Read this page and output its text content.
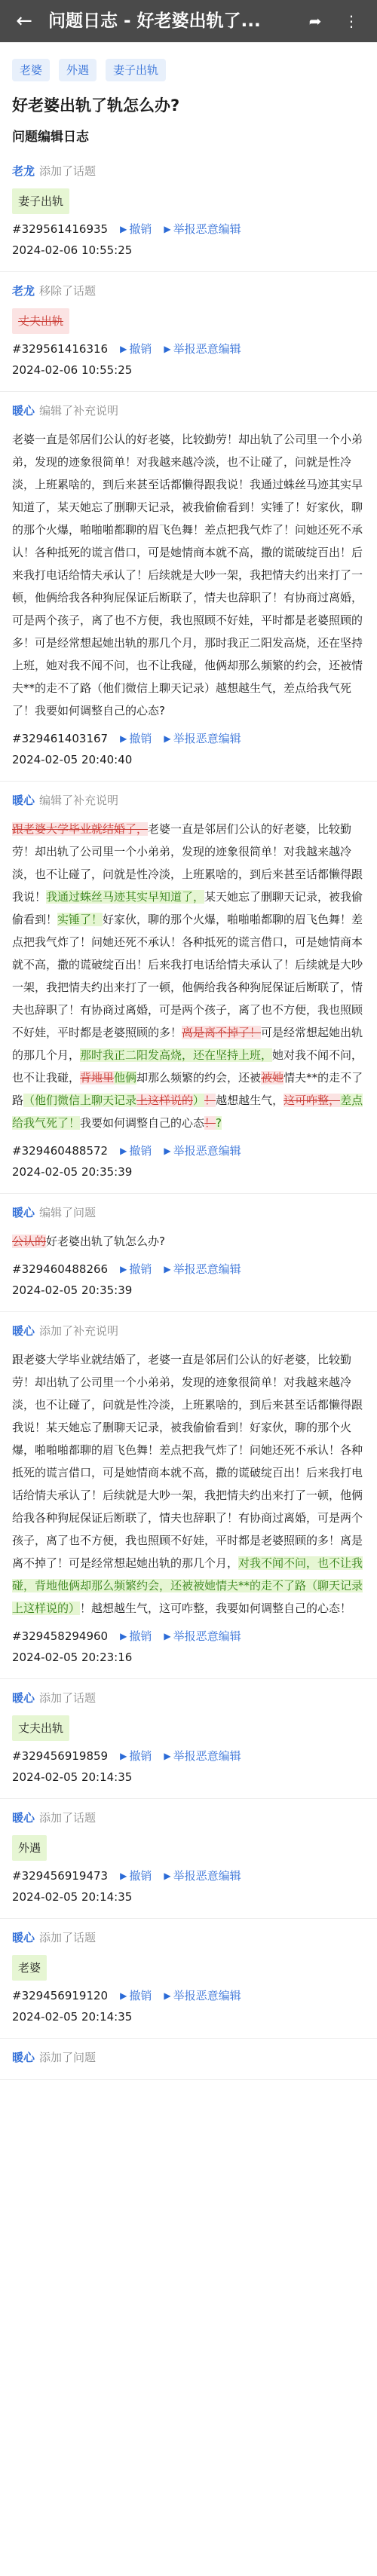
← 问题日志 - 好老婆出轨了...	➦	⋮
老婆	外遇	妻子出轨
好老婆出轨了轨怎么办?
问题编辑日志
老龙 添加了话题
妻子出轨
#329561416935 ▶ 撤销 ▶ 举报恶意编辑
2024-02-06 10:55:25
老龙 移除了话题
丈夫出轨
#329561416316 ▶ 撤销 ▶ 举报恶意编辑
2024-02-06 10:55:25
暖心 编辑了补充说明
老婆一直是邻居们公认的好老婆，比较勤劳！却出轨了公司里一个小弟弟，发现的迹象很简单！对我越来越冷淡，也不让碰了，问就是性冷淡，上班累啥的，到后来甚至话都懒得跟我说！我通过蛛丝马迹其实早知道了，某天她忘了删聊天记录，被我偷偷看到！实锤了！好家伙，聊的那个火爆，啪啪啪都聊的眉飞色舞！差点把我气炸了！问她还死不承认！各种抵死的谎言借口，可是她情商本就不高，撒的谎破绽百出！后来我打电话给情夫承认了！后续就是大吵一架，我把情夫约出来打了一顿，他俩给我各种狗屁保证后断联了，情夫也辞职了！有协商过离婚，可是两个孩子，离了也不方便，我也照顾不好娃，平时都是老婆照顾的多！可是经常想起她出轨的那几个月，那时我正二阳发高烧，还在坚持上班，她对我不闻不问，也不让我碰，他俩却那么频繁的约会，还被情夫**的走不了路（他们微信上聊天记录）越想越生气，差点给我气死了！我要如何调整自己的心态?
#329461403167 ▶ 撤销 ▶ 举报恶意编辑
2024-02-05 20:40:40
暖心 编辑了补充说明
跟老婆大学毕业就结婚了，老婆一直是邻居们公认的好老婆，比较勤劳！却出轨了公司里一个小弟弟，发现的迹象很简单！对我越来越冷淡，也不让碰了，问就是性冷淡，上班累啥的，到后来甚至话都懒得跟我说！我通过蛛丝马迹其实早知道了，某天她忘了删聊天记录，被我偷偷看到！实锤了！好家伙，聊的那个火爆，啪啪啪都聊的眉飞色舞！差点把我气炸了！问她还死不承认！各种抵死的谎言借口，可是她情商本就不高，撒的谎破绽百出！后来我打电话给情夫承认了！后续就是大吵一架，我把情夫约出来打了一顿，他俩给我各种狗屁保证后断联了，情夫也辞职了！有协商过离婚，可是两个孩子，离了也不方便，我也照顾不好娃，平时都是老婆照顾的多！离是离不掉了！可是经常想起她出轨的那几个月，那时我正二阳发高烧，还在坚持上班，她对我不闻不问，也不让我碰，背地里他俩却那么频繁的约会，还被被她情夫**的走不了路（他们微信上聊天记录上这样说的）！越想越生气，这可咋整，差点给我气死了！我要如何调整自己的心态！?
#329460488572 ▶ 撤销 ▶ 举报恶意编辑
2024-02-05 20:35:39
暖心 编辑了问题
公认的好老婆出轨了轨怎么办?
#329460488266 ▶ 撤销 ▶ 举报恶意编辑
2024-02-05 20:35:39
暖心 添加了补充说明
跟老婆大学毕业就结婚了，老婆一直是邻居们公认的好老婆，比较勤劳！却出轨了公司里一个小弟弟，发现的迹象很简单！对我越来越冷淡，也不让碰了，问就是性冷淡，上班累啥的，到后来甚至话都懒得跟我说！某天她忘了删聊天记录，被我偷偷看到！好家伙，聊的那个火爆，啪啪啪都聊的眉飞色舞！差点把我气炸了！问她还死不承认！各种抵死的谎言借口，可是她情商本就不高，撒的谎破绽百出！后来我打电话给情夫承认了！后续就是大吵一架，我把情夫约出来打了一顿，他俩给我各种狗屁保证后断联了，情夫也辞职了！有协商过离婚，可是两个孩子，离了也不方便，我也照顾不好娃，平时都是老婆照顾的多！离是离不掉了！可是经常想起她出轨的那几个月，对我不闻不问，也不让我碰，背地他俩却那么频繁约会，还被被她情夫**的走不了路（聊天记录上这样说的）！越想越生气，这可咋整，我要如何调整自己的心态！
#329458294960 ▶ 撤销 ▶ 举报恶意编辑
2024-02-05 20:23:16
暖心 添加了话题
丈夫出轨
#329456919859 ▶ 撤销 ▶ 举报恶意编辑
2024-02-05 20:14:35
暖心 添加了话题
外遇
#329456919473 ▶ 撤销 ▶ 举报恶意编辑
2024-02-05 20:14:35
暖心 添加了话题
老婆
#329456919120 ▶ 撤销 ▶ 举报恶意编辑
2024-02-05 20:14:35
暖心 添加了问题
